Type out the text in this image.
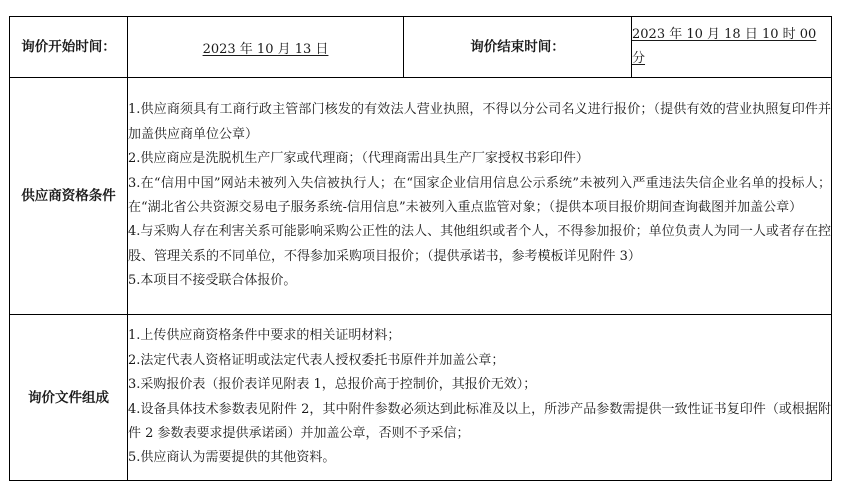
询价开始时间：	2023 年 10 月 13 日	询价结束时间：	2023 年 10 月 18 日 10 时 00 分
供应商资格条件	1.供应商须具有工商行政主管部门核发的有效法人营业执照，不得以分公司名义进行报价；（提供有效的营业执照复印件并加盖供应商单位公章）

2.供应商应是洗脱机生产厂家或代理商；（代理商需出具生产厂家授权书彩印件）

3.在“信用中国”网站未被列入失信被执行人；在“国家企业信用信息公示系统”未被列入严重违法失信企业名单的投标人；在“湖北省公共资源交易电子服务系统-信用信息”未被列入重点监管对象；（提供本项目报价期间查询截图并加盖公章）

4.与采购人存在利害关系可能影响采购公正性的法人、其他组织或者个人，不得参加报价；单位负责人为同一人或者存在控股、管理关系的不同单位，不得参加采购项目报价；（提供承诺书，参考模板详见附件 3）

5.本项目不接受联合体报价。		

询价文件组成	1.上传供应商资格条件中要求的相关证明材料；

2.法定代表人资格证明或法定代表人授权委托书原件并加盖公章；

3.采购报价表（报价表详见附表 1，总报价高于控制价，其报价无效）；

4.设备具体技术参数表见附件 2，其中附件参数必须达到此标准及以上，所涉产品参数需提供一致性证书复印件（或根据附件 2 参数表要求提供承诺函）并加盖公章，否则不予采信；

5.供应商认为需要提供的其他资料。		
